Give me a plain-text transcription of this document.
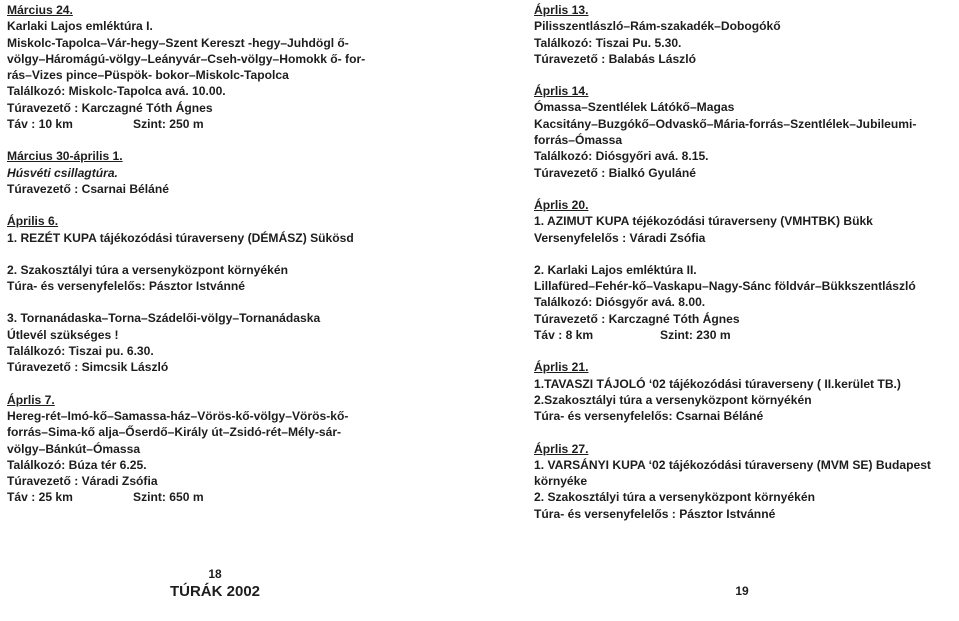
Március 24.
Karlaki Lajos emléktúra I.
Miskolc-Tapolca–Vár-hegy–Szent Kereszt -hegy–Juhdögl ő-
völgy–Háromágú-völgy–Leányvár–Cseh-völgy–Homokk ő- for-
rás–Vizes pince–Püspök- bokor–Miskolc-Tapolca
Találkozó: Miskolc-Tapolca avá. 10.00.
Túravezető : Karczagné Tóth Ágnes
Táv : 10 km	Szint: 250 m
Március 30-április 1.
Húsvéti csillagtúra.
Túravezető : Csarnai Béláné
Április 6.
1. REZÉT KUPA tájékozódási túraverseny (DÉMÁSZ) Sükösd
2. Szakosztályi túra a versenyközpont környékén
Túra- és versenyfelelős: Pásztor Istvánné
3. Tornanádaska–Torna–Szádelői-völgy–Tornanádaska
Útlevél szükséges !
Találkozó: Tiszai pu. 6.30.
Túravezető : Simcsik László
Áprlis 7.
Hereg-rét–Imó-kő–Samassa-ház–Vörös-kő-völgy–Vörös-kő-
forrás–Sima-kő alja–Őserdő–Király út–Zsidó-rét–Mély-sár-
völgy–Bánkút–Ómassa
Találkozó: Búza tér 6.25.
Túravezető : Váradi Zsófia
Táv : 25 km	Szint: 650 m
18
TÚRÁK 2002
Áprlis 13.
Pilisszentlászló–Rám-szakadék–Dobogókő
Találkozó: Tiszai Pu. 5.30.
Túravezető : Balabás László
Áprlis 14.
Ómassa–Szentlélek Látókő–Magas
Kacsitány–Buzgókő–Odvaskő–Mária-forrás–Szentlélek–Jubileumi-
forrás–Ómassa
Találkozó: Diósgyőri avá. 8.15.
Túravezető : Bialkó Gyuláné
Áprlis 20.
1. AZIMUT KUPA téjékozódási túraverseny (VMHTBK) Bükk
Versenyfelelős : Váradi Zsófia
2. Karlaki Lajos emléktúra II.
Lillafüred–Fehér-kő–Vaskapu–Nagy-Sánc földvár–Bükkszentlászló
Találkozó: Diósgyőr avá. 8.00.
Túravezető : Karczagné Tóth Ágnes
Táv : 8 km	Szint: 230 m
Áprlis 21.
1.TAVASZI TÁJOLÓ ‘02 tájékozódási túraverseny ( II.kerület TB.)
2.Szakosztályi túra a versenyközpont környékén
Túra- és versenyfelelős: Csarnai Béláné
Áprlis 27.
1. VARSÁNYI KUPA ‘02 tájékozódási túraverseny (MVM SE) Budapest
környéke
2. Szakosztályi túra a versenyközpont környékén
Túra- és versenyfelelős : Pásztor Istvánné
19
